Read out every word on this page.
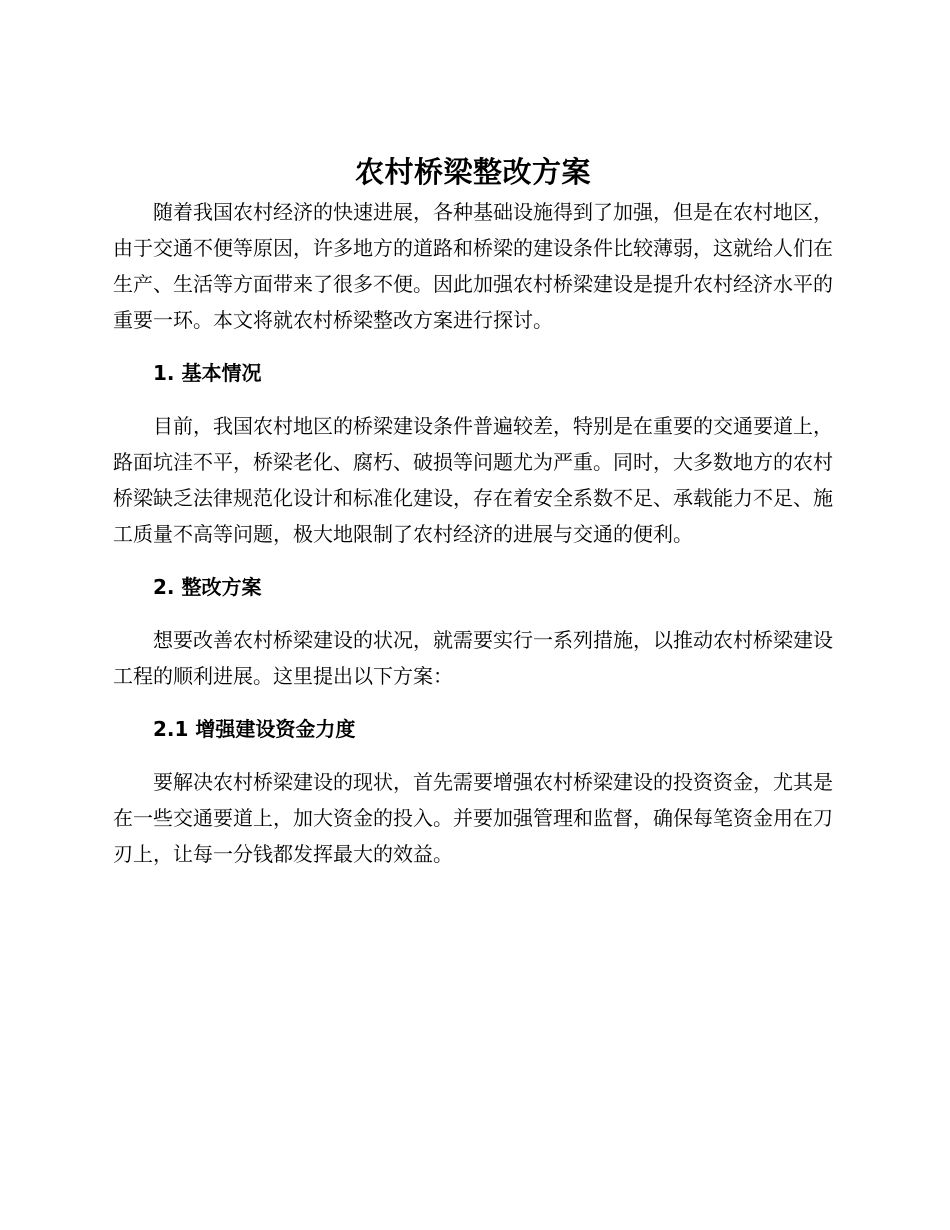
农村桥梁整改方案

随着我国农村经济的快速进展，各种基础设施得到了加强，但是在农村地区，由于交通不便等原因，许多地方的道路和桥梁的建设条件比较薄弱，这就给人们在生产、生活等方面带来了很多不便。因此加强农村桥梁建设是提升农村经济水平的重要一环。本文将就农村桥梁整改方案进行探讨。

1. 基本情况

目前，我国农村地区的桥梁建设条件普遍较差，特别是在重要的交通要道上，路面坑洼不平，桥梁老化、腐朽、破损等问题尤为严重。同时，大多数地方的农村桥梁缺乏法律规范化设计和标准化建设，存在着安全系数不足、承载能力不足、施工质量不高等问题，极大地限制了农村经济的进展与交通的便利。

2. 整改方案

想要改善农村桥梁建设的状况，就需要实行一系列措施，以推动农村桥梁建设工程的顺利进展。这里提出以下方案：

2.1 增强建设资金力度

要解决农村桥梁建设的现状，首先需要增强农村桥梁建设的投资资金，尤其是在一些交通要道上，加大资金的投入。并要加强管理和监督，确保每笔资金用在刀刃上，让每一分钱都发挥最大的效益。
